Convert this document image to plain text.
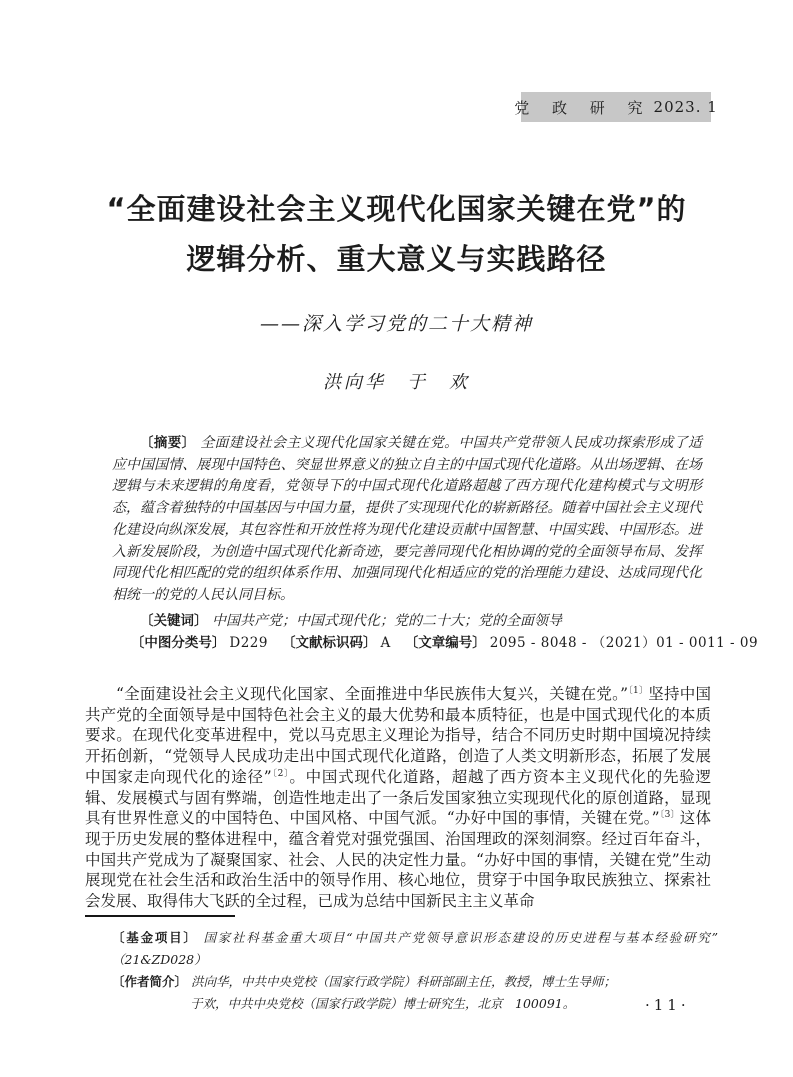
党 政 研 究 2023. 1
“全面建设社会主义现代化国家关键在党”的
逻辑分析、重大意义与实践路径
——深入学习党的二十大精神
洪向华　于　欢

〔摘要〕 全面建设社会主义现代化国家关键在党。中国共产党带领人民成功探索形成了适应中国国情、展现中国特色、突显世界意义的独立自主的中国式现代化道路。从出场逻辑、在场逻辑与未来逻辑的角度看，党领导下的中国式现代化道路超越了西方现代化建构模式与文明形态，蕴含着独特的中国基因与中国力量，提供了实现现代化的崭新路径。随着中国社会主义现代化建设向纵深发展，其包容性和开放性将为现代化建设贡献中国智慧、中国实践、中国形态。进入新发展阶段，为创造中国式现代化新奇迹，要完善同现代化相协调的党的全面领导布局、发挥同现代化相匹配的党的组织体系作用、加强同现代化相适应的党的治理能力建设、达成同现代化相统一的党的人民认同目标。

〔关键词〕 中国共产党；中国式现代化；党的二十大；党的全面领导

〔中图分类号〕 D229 〔文献标识码〕 A 〔文章编号〕 2095 - 8048 - （2021）01 - 0011 - 09

“全面建设社会主义现代化国家、全面推进中华民族伟大复兴，关键在党。”$^{〔1〕}$坚持中国共产党的全面领导是中国特色社会主义的最大优势和最本质特征，也是中国式现代化的本质要求。在现代化变革进程中，党以马克思主义理论为指导，结合不同历史时期中国境况持续开拓创新，“党领导人民成功走出中国式现代化道路，创造了人类文明新形态，拓展了发展中国家走向现代化的途径”$^{〔2〕}$。中国式现代化道路，超越了西方资本主义现代化的先验逻辑、发展模式与固有弊端，创造性地走出了一条后发国家独立实现现代化的原创道路，显现具有世界性意义的中国特色、中国风格、中国气派。“办好中国的事情，关键在党。”$^{〔3〕}$这体现于历史发展的整体进程中，蕴含着党对强党强国、治国理政的深刻洞察。经过百年奋斗，中国共产党成为了凝聚国家、社会、人民的决定性力量。“办好中国的事情，关键在党”生动展现党在社会生活和政治生活中的领导作用、核心地位，贯穿于中国争取民族独立、探索社会发展、取得伟大飞跃的全过程，已成为总结中国新民主主义革命

〔基金项目〕 国家社科基金重大项目“中国共产党领导意识形态建设的历史进程与基本经验研究”（21&ZD028）
〔作者简介〕 洪向华，中共中央党校（国家行政学院）科研部副主任，教授，博士生导师；
于欢，中共中央党校（国家行政学院）博士研究生，北京　100091。	·11·
